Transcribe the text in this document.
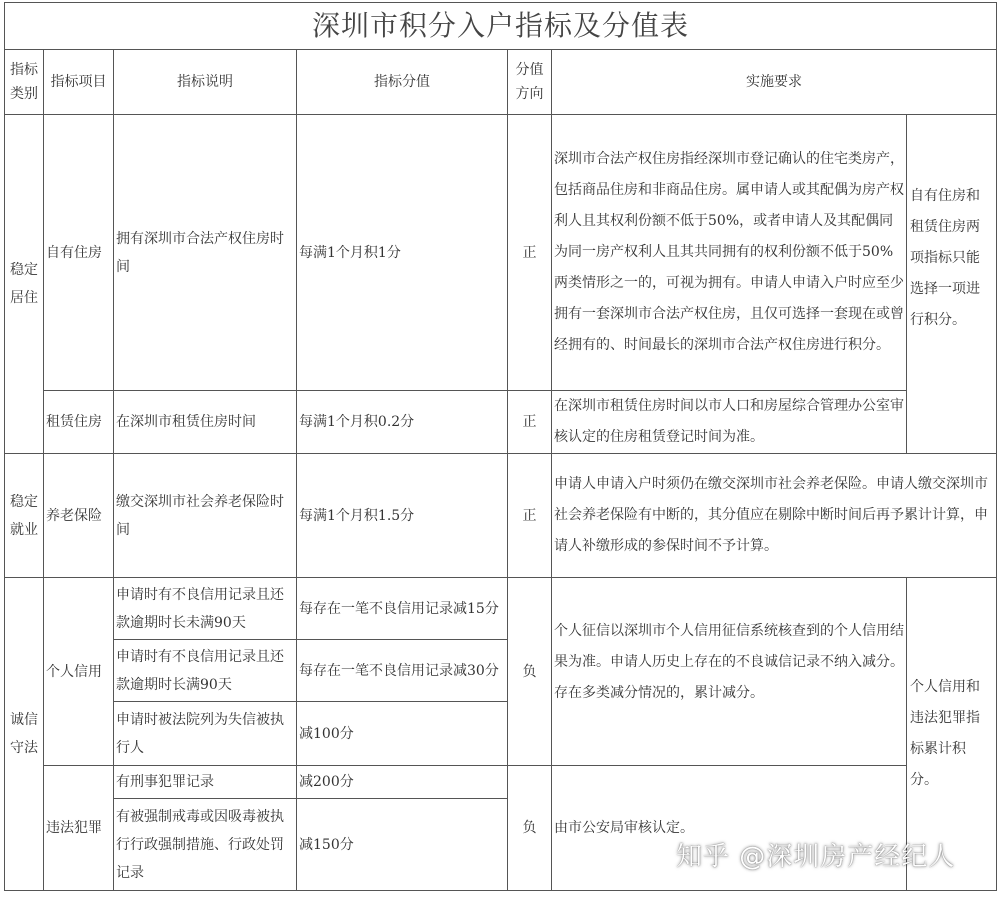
深圳市积分入户指标及分值表						
指标类别	指标项目	指标说明	指标分值	分值方向	实施要求	
稳定居住	自有住房	拥有深圳市合法产权住房时间	每满1个月积1分	正	深圳市合法产权住房指经深圳市登记确认的住宅类房产，包括商品住房和非商品住房。属申请人或其配偶为房产权利人且其权利份额不低于50%，或者申请人及其配偶同为同一房产权利人且其共同拥有的权利份额不低于50%两类情形之一的，可视为拥有。申请人申请入户时应至少拥有一套深圳市合法产权住房，且仅可选择一套现在或曾经拥有的、时间最长的深圳市合法产权住房进行积分。	自有住房和租赁住房两项指标只能选择一项进行积分。
	租赁住房	在深圳市租赁住房时间	每满1个月积0.2分	正	在深圳市租赁住房时间以市人口和房屋综合管理办公室审核认定的住房租赁登记时间为准。	
稳定就业	养老保险	缴交深圳市社会养老保险时间	每满1个月积1.5分	正	申请人申请入户时须仍在缴交深圳市社会养老保险。申请人缴交深圳市社会养老保险有中断的，其分值应在剔除中断时间后再予累计计算，申请人补缴形成的参保时间不予计算。	
诚信守法	个人信用	申请时有不良信用记录且还款逾期时长未满90天	每存在一笔不良信用记录减15分	负	个人征信以深圳市个人信用征信系统核查到的个人信用结果为准。申请人历史上存在的不良诚信记录不纳入减分。存在多类减分情况的，累计减分。	个人信用和违法犯罪指标累计积分。
		申请时有不良信用记录且还款逾期时长满90天	每存在一笔不良信用记录减30分			
		申请时被法院列为失信被执行人	减100分			
	违法犯罪	有刑事犯罪记录	减200分	负	由市公安局审核认定。	
		有被强制戒毒或因吸毒被执行行政强制措施、行政处罚记录	减150分				知乎 @深圳房产经纪人
